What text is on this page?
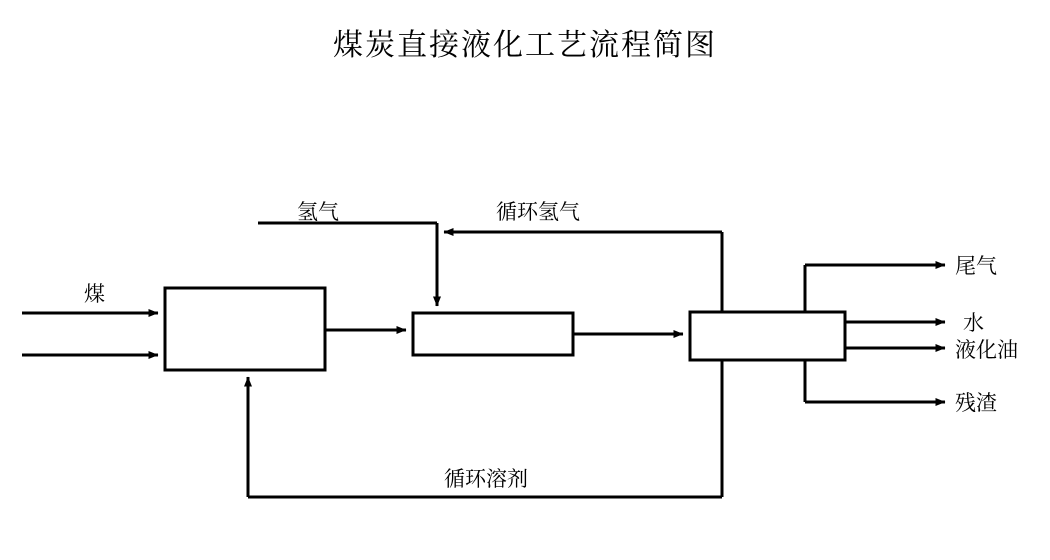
煤炭直接液化工艺流程简图
煤
氢气	循环氢气
循环溶剂
尾气
水
液化油
残渣
